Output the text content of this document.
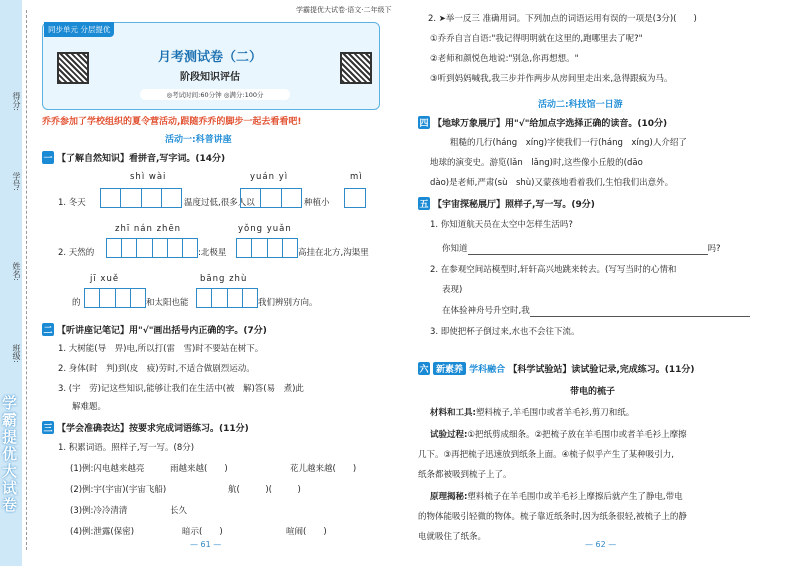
学霸提优大试卷
得分:
学号:
姓名:
班级:
同步单元 分层提优
月考测试卷（二）
阶段知识评估
◎考试时间:60分钟 ◎满分:100分
乔乔参加了学校组织的夏令营活动,跟随乔乔的脚步一起去看看吧!
活动一:科普讲座
一 【了解自然知识】看拼音,写字词。(14分)
shì wài	yuán yì	mì
1. 冬天	温度过低,很多人以	种植小
zhī nán zhēn	yǒng yuǎn
2. 天然的	:北极星	高挂在北方,沟渠里
jī xuě	bāng zhù
的	和太阳也能	我们辨别方向。
二 【听讲座记笔记】用"√"画出括号内正确的字。(7分)
1. 大树能(导　畀)电,所以打(雷　雪)时不要站在树下。
2. 身体(时　判)到(皮　疲)劳时,不适合做剧烈运动。
3. (宇　劳)记这些知识,能够让我们在生活中(被　解)答(易　煮)此
解难题。
三 【学会准确表达】按要求完成词语练习。(11分)
1. 积累词语。照样子,写一写。(8分)
(1)例:闪电越来越亮	雨越来越(　　)	花儿越来越(　　)
(2)例:宇(宇宙)(宇宙飞船)	航(　　　)(　　　)
(3)例:冷冷清清	长久
(4)例:泄露(保密)	暗示(　　)	喧闹(　　)
— 61 —
学霸提优大试卷·语文·二年级下
2. ➤举一反三 准确用词。下列加点的词语运用有误的一项是(3分)(　　)
①乔乔自言自语:"我记得明明就在这里的,跑哪里去了呢?"
②老师和颜悦色地说:"别急,你再想想。"
③听到妈妈喊我,我三步并作两步从房间里走出来,急得跟疯为马。
活动二:科技馆一日游
四 【地球万象展厅】用"√"给加点字选择正确的读音。(10分)
粗糙的几行(háng　xíng)字使我们一行(háng　xíng)人介绍了
地球的演变史。游览(lǎn　lǎng)时,这些像小丘般的(dāo
dào)是老师,严肃(sù　shù)又蒙孩地看着我们,生怕我们出意外。
五 【宇宙探秘展厅】照样子,写一写。(9分)
1. 你知道航天员在太空中怎样生活吗?
你知道	吗?
2. 在参观空间站模型时,轩轩高兴地跳来转去。(写写当时的心情和
表现)
在体验神舟号升空时,我
3. 即使把杯子倒过来,水也不会往下流。
六 新素养 学科融合 【科学试验站】读试验记录,完成练习。(11分)
带电的梳子
材料和工具:塑料梳子,羊毛围巾或者羊毛衫,剪刀和纸。
试验过程:①把纸剪成细条。②把梳子放在羊毛围巾或者羊毛衫上摩擦
几下。③再把梳子迅速放到纸条上面。④梳子似乎产生了某种吸引力,
纸条都被吸到梳子上了。
原理揭秘:塑料梳子在羊毛围巾或羊毛衫上摩擦后就产生了静电,带电
的物体能吸引轻微的物体。梳子靠近纸条时,因为纸条很轻,被梳子上的静
电就吸住了纸条。
— 62 —
